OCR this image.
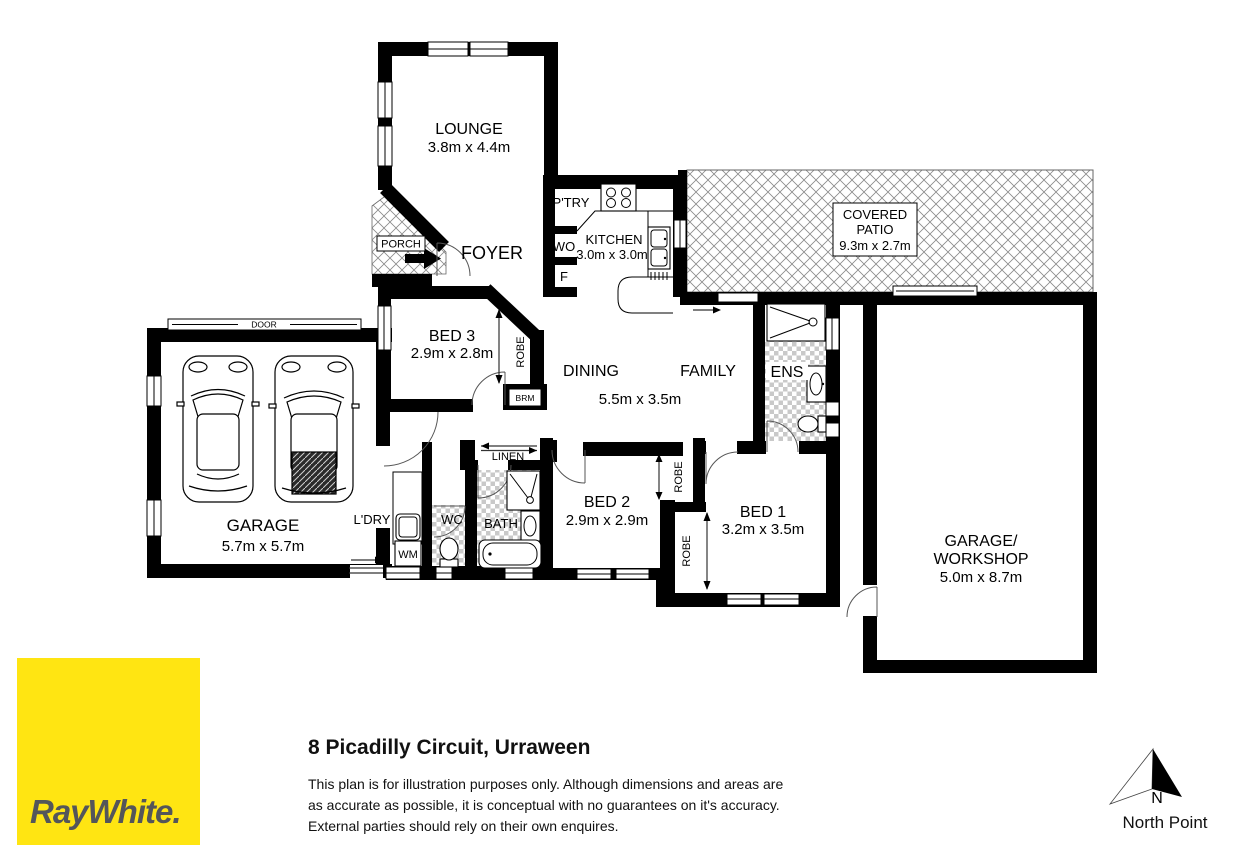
LOUNGE
3.8m x 4.4m
PORCH FOYER
P'TRY
WO
F
KITCHEN
3.0m x 3.0m
COVERED
PATIO
9.3m x 2.7m
DINING	FAMILY
5.5m x 3.5m
ENS
BED 3
2.9m x 2.8m ROBE
BRM
GARAGE
5.7m x 5.7m
DOOR
L'DRY
WM
WC BATH
LINEN
BED 2
2.9m x 2.9m
ROBE
ROBE
BED 1
3.2m x 3.5m
GARAGE/
WORKSHOP
5.0m x 8.7m
RayWhite.
8 Picadilly Circuit, Urraween
This plan is for illustration purposes only. Although dimensions and areas are
as accurate as possible, it is conceptual with no guarantees on it's accuracy.
External parties should rely on their own enquires.
N
North Point
